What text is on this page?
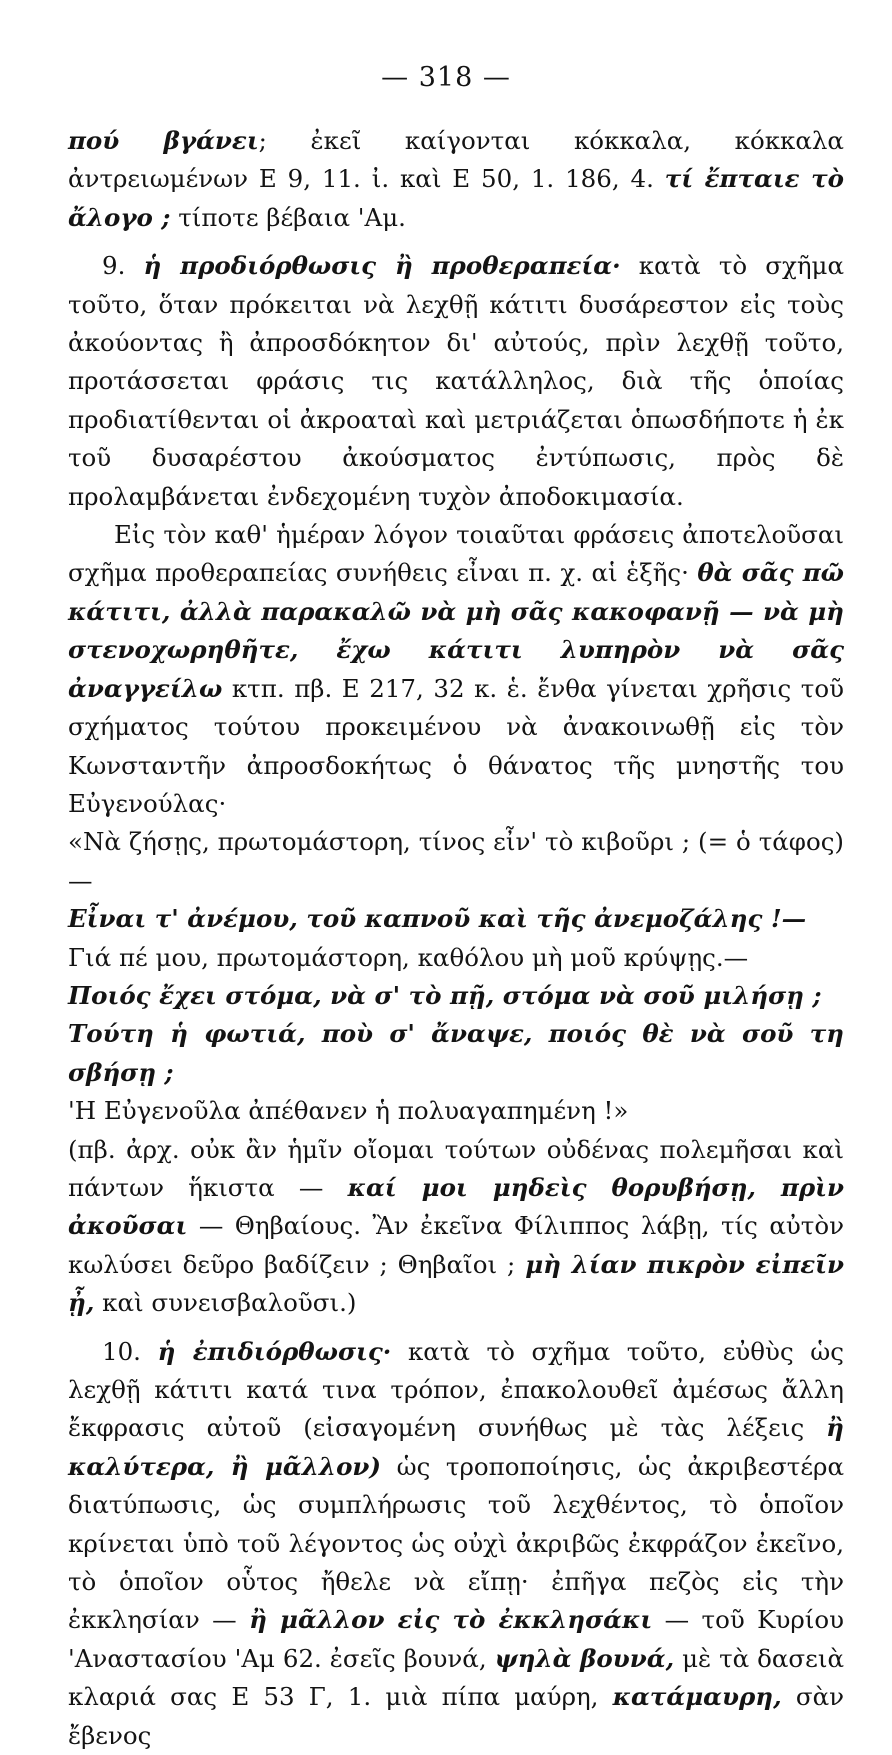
— 318 —

πού βγάνει; ἐκεῖ καίγονται κόκκαλα, κόκκαλα ἀντρειωμένων Ε 9, 11. ἰ. καὶ Ε 50, 1. 186, 4. τί ἔπταιε τὸ ἄλογο ; τίποτε βέβαια 'Αμ.

9. ἡ προδιόρθωσις ἢ προθεραπεία· κατὰ τὸ σχῆμα τοῦτο, ὅταν πρόκειται νὰ λεχθῇ κάτιτι δυσάρεστον εἰς τοὺς ἀκούοντας ἢ ἀπροσδόκητον δι' αὐτούς, πρὶν λεχθῇ τοῦτο, προτάσσεται φράσις τις κατάλληλος, διὰ τῆς ὁποίας προδιατίθενται οἱ ἀκροαταὶ καὶ μετριάζεται ὁπωσδήποτε ἡ ἐκ τοῦ δυσαρέστου ἀκούσματος ἐντύπωσις, πρὸς δὲ προλαμβάνεται ἐνδεχομένη τυχὸν ἀποδοκιμασία.

Εἰς τὸν καθ' ἡμέραν λόγον τοιαῦται φράσεις ἀποτελοῦσαι σχῆμα προθεραπείας συνήθεις εἶναι π. χ. αἱ ἑξῆς· θὰ σᾶς πῶ κάτιτι, ἀλλὰ παρακαλῶ νὰ μὴ σᾶς κακοφανῇ — νὰ μὴ στενοχωρηθῆτε, ἔχω κάτιτι λυπηρὸν νὰ σᾶς ἀναγγείλω κτπ. πβ. Ε 217, 32 κ. ἑ. ἔνθα γίνεται χρῆσις τοῦ σχήματος τούτου προκειμένου νὰ ἀνακοινωθῇ εἰς τὸν Κωνσταντῆν ἀπροσδοκήτως ὁ θάνατος τῆς μνηστῆς του Εὐγενούλας·

«Νὰ ζήσῃς, πρωτομάστορη, τίνος εἶν' τὸ κιβοῦρι ; (= ὁ τάφος)—
Εἶναι τ' ἀνέμου, τοῦ καπνοῦ καὶ τῆς ἀνεμοζάλης !—
Γιά πέ μου, πρωτομάστορη, καθόλου μὴ μοῦ κρύψῃς.—
Ποιός ἔχει στόμα, νὰ σ' τὸ πῇ, στόμα νὰ σοῦ μιλήσῃ ;
Τούτη ἡ φωτιά, ποὺ σ' ἄναψε, ποιός θὲ νὰ σοῦ τη σβήσῃ ;
'Η Εὐγενοῦλα ἀπέθανεν ἡ πολυαγαπημένη !»

(πβ. ἀρχ. οὐκ ἂν ἡμῖν οἴομαι τούτων οὐδένας πολεμῆσαι καὶ πάντων ἥκιστα — καί μοι μηδεὶς θορυβήσῃ, πρὶν ἀκοῦσαι — Θηβαίους. Ἂν ἐκεῖνα Φίλιππος λάβῃ, τίς αὐτὸν κωλύσει δεῦρο βαδίζειν ; Θηβαῖοι ; μὴ λίαν πικρὸν εἰπεῖν ᾖ, καὶ συνεισβαλοῦσι.)

10. ἡ ἐπιδιόρθωσις· κατὰ τὸ σχῆμα τοῦτο, εὐθὺς ὡς λεχθῇ κάτιτι κατά τινα τρόπον, ἐπακολουθεῖ ἀμέσως ἄλλη ἔκφρασις αὐτοῦ (εἰσαγομένη συνήθως μὲ τὰς λέξεις ἢ καλύτερα, ἢ μᾶλλον) ὡς τροποποίησις, ὡς ἀκριβεστέρα διατύπωσις, ὡς συμπλήρωσις τοῦ λεχθέντος, τὸ ὁποῖον κρίνεται ὑπὸ τοῦ λέγοντος ὡς οὐχὶ ἀκριβῶς ἐκφράζον ἐκεῖνο, τὸ ὁποῖον οὗτος ἤθελε νὰ εἴπῃ· ἐπῆγα πεζὸς εἰς τὴν ἐκκλησίαν — ἢ μᾶλλον εἰς τὸ ἐκκλησάκι — τοῦ Κυρίου 'Αναστασίου 'Αμ 62. ἐσεῖς βουνά, ψηλὰ βουνά, μὲ τὰ δασειὰ κλαριά σας Ε 53 Γ, 1. μιὰ πίπα μαύρη, κατάμαυρη, σὰν ἔβενος
